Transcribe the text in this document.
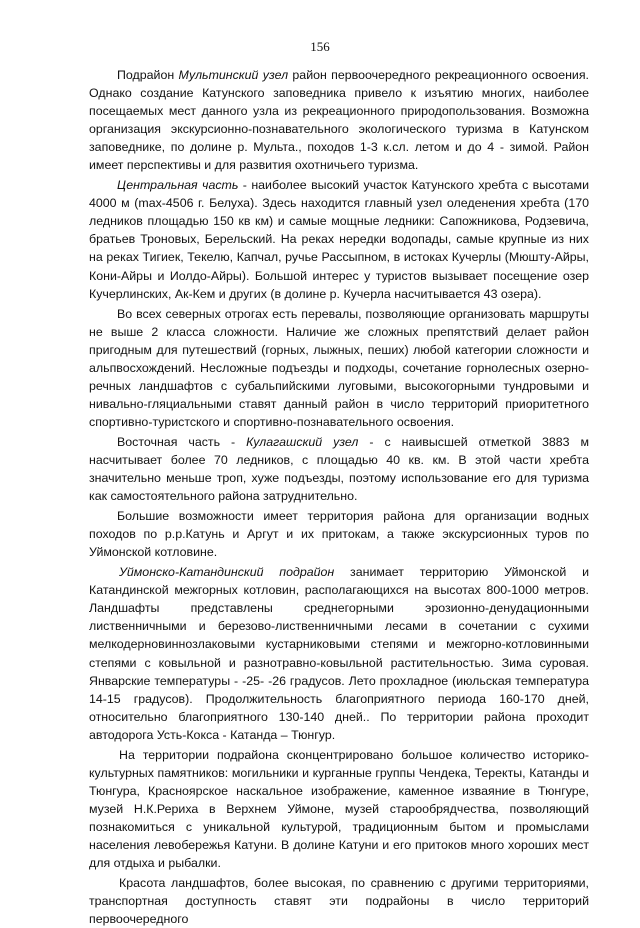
156

Подрайон Мультинский узел район первоочередного рекреационного освоения. Однако создание Катунского заповедника привело к изъятию многих, наиболее посещаемых мест данного узла из рекреационного природопользования. Возможна организация экскурсионно-познавательного экологического туризма в Катунском заповеднике, по долине р. Мульта., походов 1-3 к.сл. летом и до 4 - зимой. Район имеет перспективы и для развития охотничьего туризма.

Центральная часть - наиболее высокий участок Катунского хребта с высотами 4000 м (max-4506 г. Белуха). Здесь находится главный узел оледенения хребта (170 ледников площадью 150 кв км) и самые мощные ледники: Сапожникова, Родзевича, братьев Троновых, Берельский. На реках нередки водопады, самые крупные из них на реках Тигиек, Текелю, Капчал, ручье Рассыпном, в истоках Кучерлы (Мюшту-Айры, Кони-Айры и Иолдо-Айры). Большой интерес у туристов вызывает посещение озер Кучерлинских, Ак-Кем и других (в долине р. Кучерла насчитывается 43 озера).

Во всех северных отрогах есть перевалы, позволяющие организовать маршруты не выше 2 класса сложности. Наличие же сложных препятствий делает район пригодным для путешествий (горных, лыжных, пеших) любой категории сложности и альпвосхождений. Несложные подъезды и подходы, сочетание горнолесных озерно-речных ландшафтов с субальпийскими луговыми, высокогорными тундровыми и нивально-гляциальными ставят данный район в число территорий приоритетного спортивно-туристского и спортивно-познавательного освоения.

Восточная часть - Кулагашский узел - с наивысшей отметкой 3883 м насчитывает более 70 ледников, с площадью 40 кв. км. В этой части хребта значительно меньше троп, хуже подъезды, поэтому использование его для туризма как самостоятельного района затруднительно.

Большие возможности имеет территория района для организации водных походов по р.р.Катунь и Аргут и их притокам, а также экскурсионных туров по Уймонской котловине.

Уймонско-Катандинский подрайон занимает территорию Уймонской и Катандинской межгорных котловин, располагающихся на высотах 800-1000 метров. Ландшафты представлены среднегорными эрозионно-денудационными лиственничными и березово-лиственничными лесами в сочетании с сухими мелкодерновиннозлаковыми кустарниковыми степями и межгорно-котловинными степями с ковыльной и разнотравно-ковыльной растительностью. Зима суровая. Январские температуры - -25- -26 градусов. Лето прохладное (июльская температура 14-15 градусов). Продолжительность благоприятного периода 160-170 дней, относительно благоприятного 130-140 дней.. По территории района проходит автодорога Усть-Кокса - Катанда – Тюнгур.

На территории подрайона сконцентрировано большое количество историко-культурных памятников: могильники и курганные группы Чендека, Теректы, Катанды и Тюнгура, Красноярское наскальное изображение, каменное изваяние в Тюнгуре, музей Н.К.Рериха в Верхнем Уймоне, музей старообрядчества, позволяющий познакомиться с уникальной культурой, традиционным бытом и промыслами населения левобережья Катуни. В долине Катуни и его притоков много хороших мест для отдыха и рыбалки.

Красота ландшафтов, более высокая, по сравнению с другими территориями, транспортная доступность ставят эти подрайоны в число территорий первоочередного
